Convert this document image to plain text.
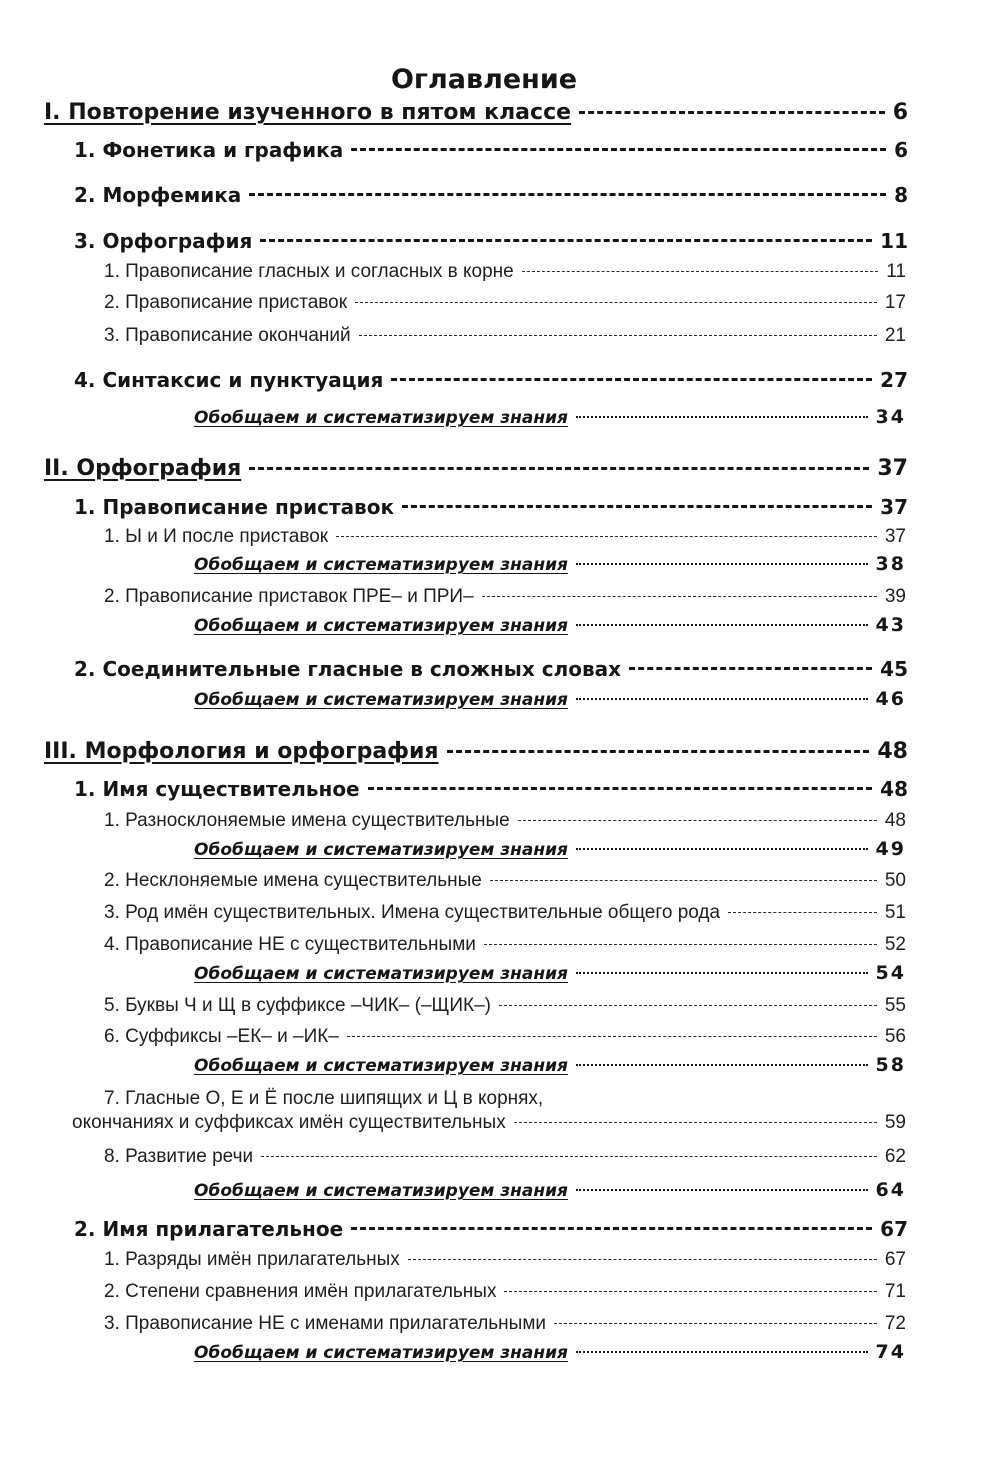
Оглавление
I. Повторение изученного в пятом классе	6
1. Фонетика и графика	6
2. Морфемика	8
3. Орфография	11
1. Правописание гласных и согласных в корне	11
2. Правописание приставок	17
3. Правописание окончаний	21
4. Синтаксис и пунктуация	27
Обобщаем и систематизируем знания	34
II. Орфография	37
1. Правописание приставок	37
1. Ы и И после приставок	37
Обобщаем и систематизируем знания	38
2. Правописание приставок ПРЕ– и ПРИ–	39
Обобщаем и систематизируем знания	43
2. Соединительные гласные в сложных словах	45
Обобщаем и систематизируем знания	46
III. Морфология и орфография	48
1. Имя существительное	48
1. Разносклоняемые имена существительные	48
Обобщаем и систематизируем знания	49
2. Несклоняемые имена существительные	50
3. Род имён существительных. Имена существительные общего рода	51
4. Правописание НЕ с существительными	52
Обобщаем и систематизируем знания	54
5. Буквы Ч и Щ в суффиксе –ЧИК– (–ЩИК–)	55
6. Суффиксы –ЕК– и –ИК–	56
Обобщаем и систематизируем знания	58
7. Гласные О, Е и Ё после шипящих и Ц в корнях,
окончаниях и суффиксах имён существительных	59
8. Развитие речи	62
Обобщаем и систематизируем знания	64
2. Имя прилагательное	67
1. Разряды имён прилагательных	67
2. Степени сравнения имён прилагательных	71
3. Правописание НЕ с именами прилагательными	72
Обобщаем и систематизируем знания	74
